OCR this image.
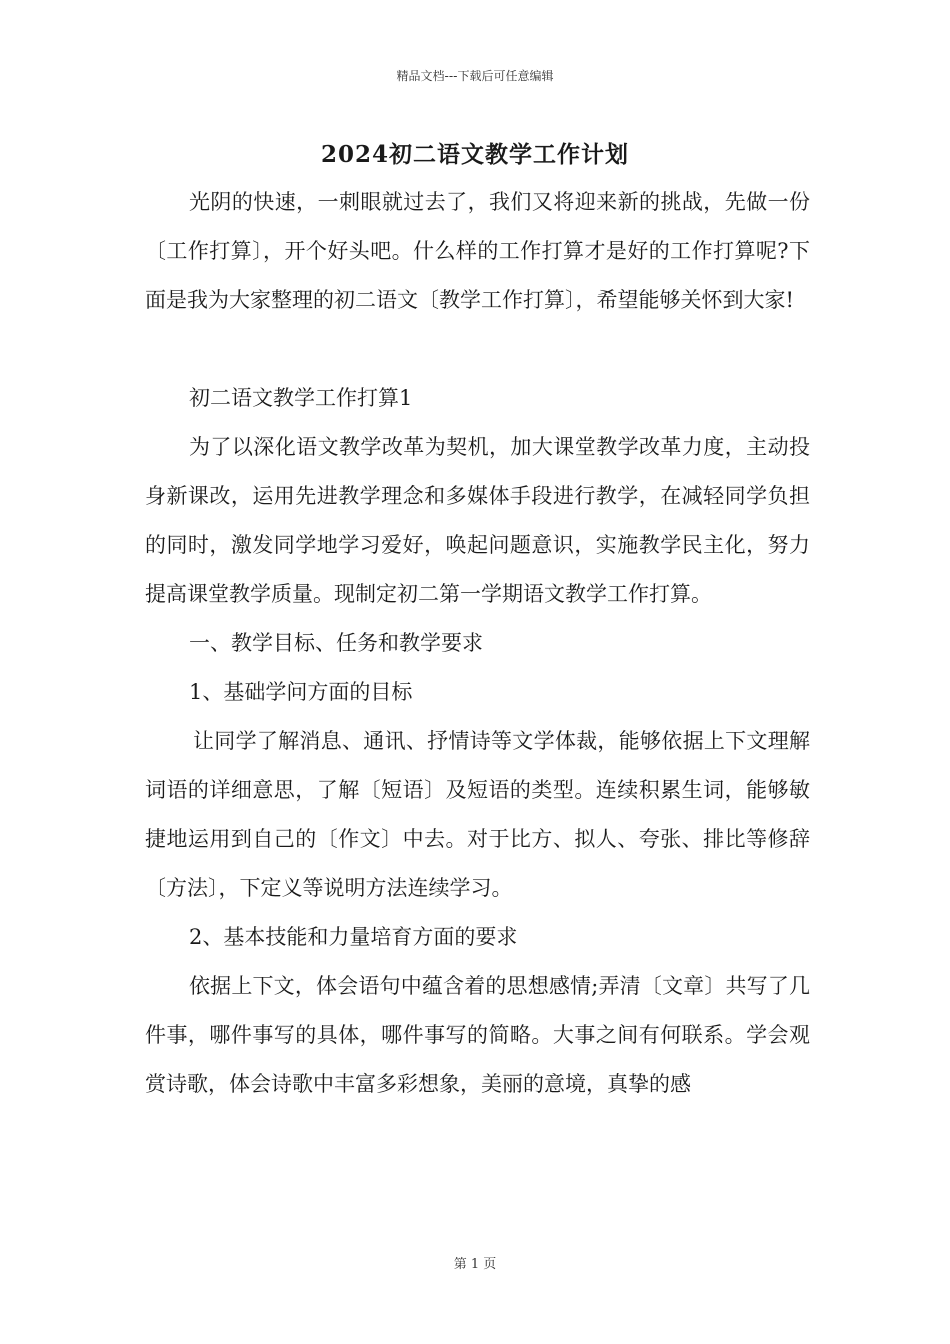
精品文档---下载后可任意编辑
2024初二语文教学工作计划

光阴的快速，一刺眼就过去了，我们又将迎来新的挑战，先做一份〔工作打算〕，开个好头吧。什么样的工作打算才是好的工作打算呢?下面是我为大家整理的初二语文〔教学工作打算〕，希望能够关怀到大家!

初二语文教学工作打算1

为了以深化语文教学改革为契机，加大课堂教学改革力度，主动投身新课改，运用先进教学理念和多媒体手段进行教学，在减轻同学负担的同时，激发同学地学习爱好，唤起问题意识，实施教学民主化，努力提高课堂教学质量。现制定初二第一学期语文教学工作打算。

一、教学目标、任务和教学要求

1、基础学问方面的目标

让同学了解消息、通讯、抒情诗等文学体裁，能够依据上下文理解词语的详细意思，了解〔短语〕及短语的类型。连续积累生词，能够敏捷地运用到自己的〔作文〕中去。对于比方、拟人、夸张、排比等修辞〔方法〕，下定义等说明方法连续学习。

2、基本技能和力量培育方面的要求

依据上下文，体会语句中蕴含着的思想感情;弄清〔文章〕共写了几件事，哪件事写的具体，哪件事写的简略。大事之间有何联系。学会观赏诗歌，体会诗歌中丰富多彩想象，美丽的意境，真挚的感

第 1 页
